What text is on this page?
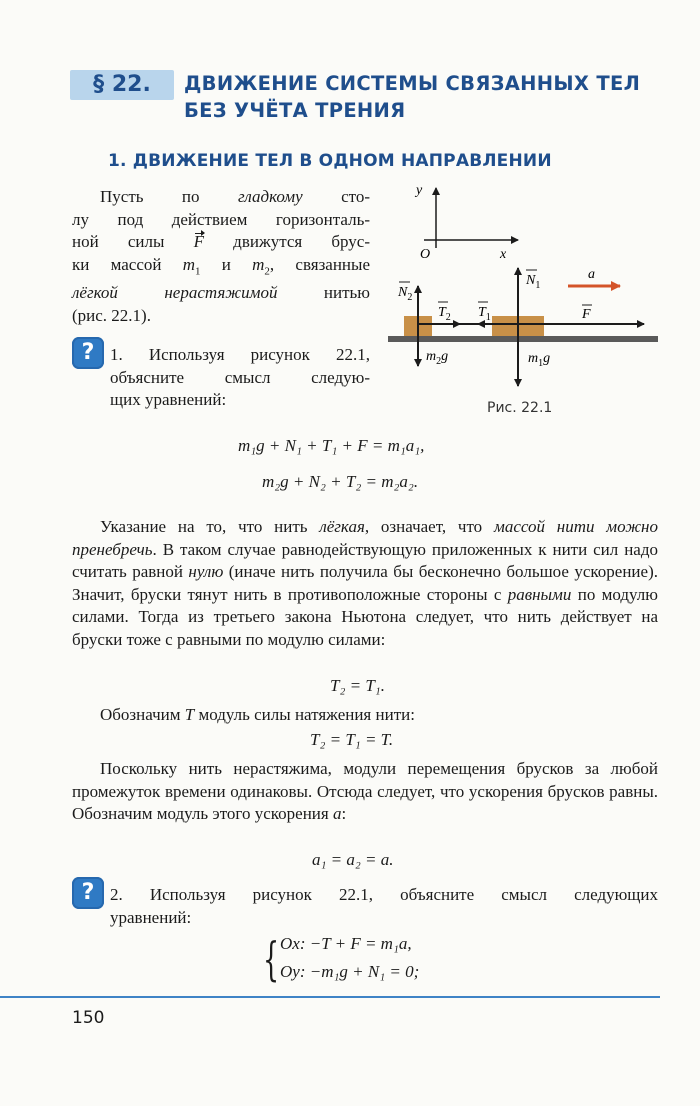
§ 22.	ДВИЖЕНИЕ СИСТЕМЫ СВЯЗАННЫХ ТЕЛ
БЕЗ УЧЁТА ТРЕНИЯ
1. ДВИЖЕНИЕ ТЕЛ В ОДНОМ НАПРАВЛЕНИИ

Пусть по гладкому сто-

лу под действием горизонталь-

ной силы F движутся брус-

ки массой $m_1$ и $m_2$, связанные

лёгкой нерастяжимой нитью

(рис. 22.1).

? 1. Используя рисунок 22.1,

объясните смысл следую-

щих уравнений:

y
x
O
a
$N_2$
$T_2$ $T_1$
$N_1$
F
$m_2g$	$m_1g$
Рис. 22.1
m₁g + N₁ + T₁ + F = m₁a₁,
m₂g + N₂ + T₂ = m₂a₂.

Указание на то, что нить лёгкая, означает, что массой нити можно пренебречь. В таком случае равнодействующую приложенных к нити сил надо считать равной нулю (иначе нить получила бы бесконечно большое ускорение). Значит, бруски тянут нить в противоположные стороны с равными по модулю силами. Тогда из третьего закона Ньютона следует, что нить действует на бруски тоже с равными по модулю силами:

T₂ = T₁.

Обозначим T модуль силы натяжения нити:

T₂ = T₁ = T.

Поскольку нить нерастяжима, модули перемещения брусков за любой промежуток времени одинаковы. Отсюда следует, что ускорения брусков равны. Обозначим модуль этого ускорения a:

a₁ = a₂ = a.
? 2. Используя рисунок 22.1, объясните смысл следующих

уравнений:

{ Ox: −T + F = m₁a,
Oy: −m₁g + N₁ = 0;
150
